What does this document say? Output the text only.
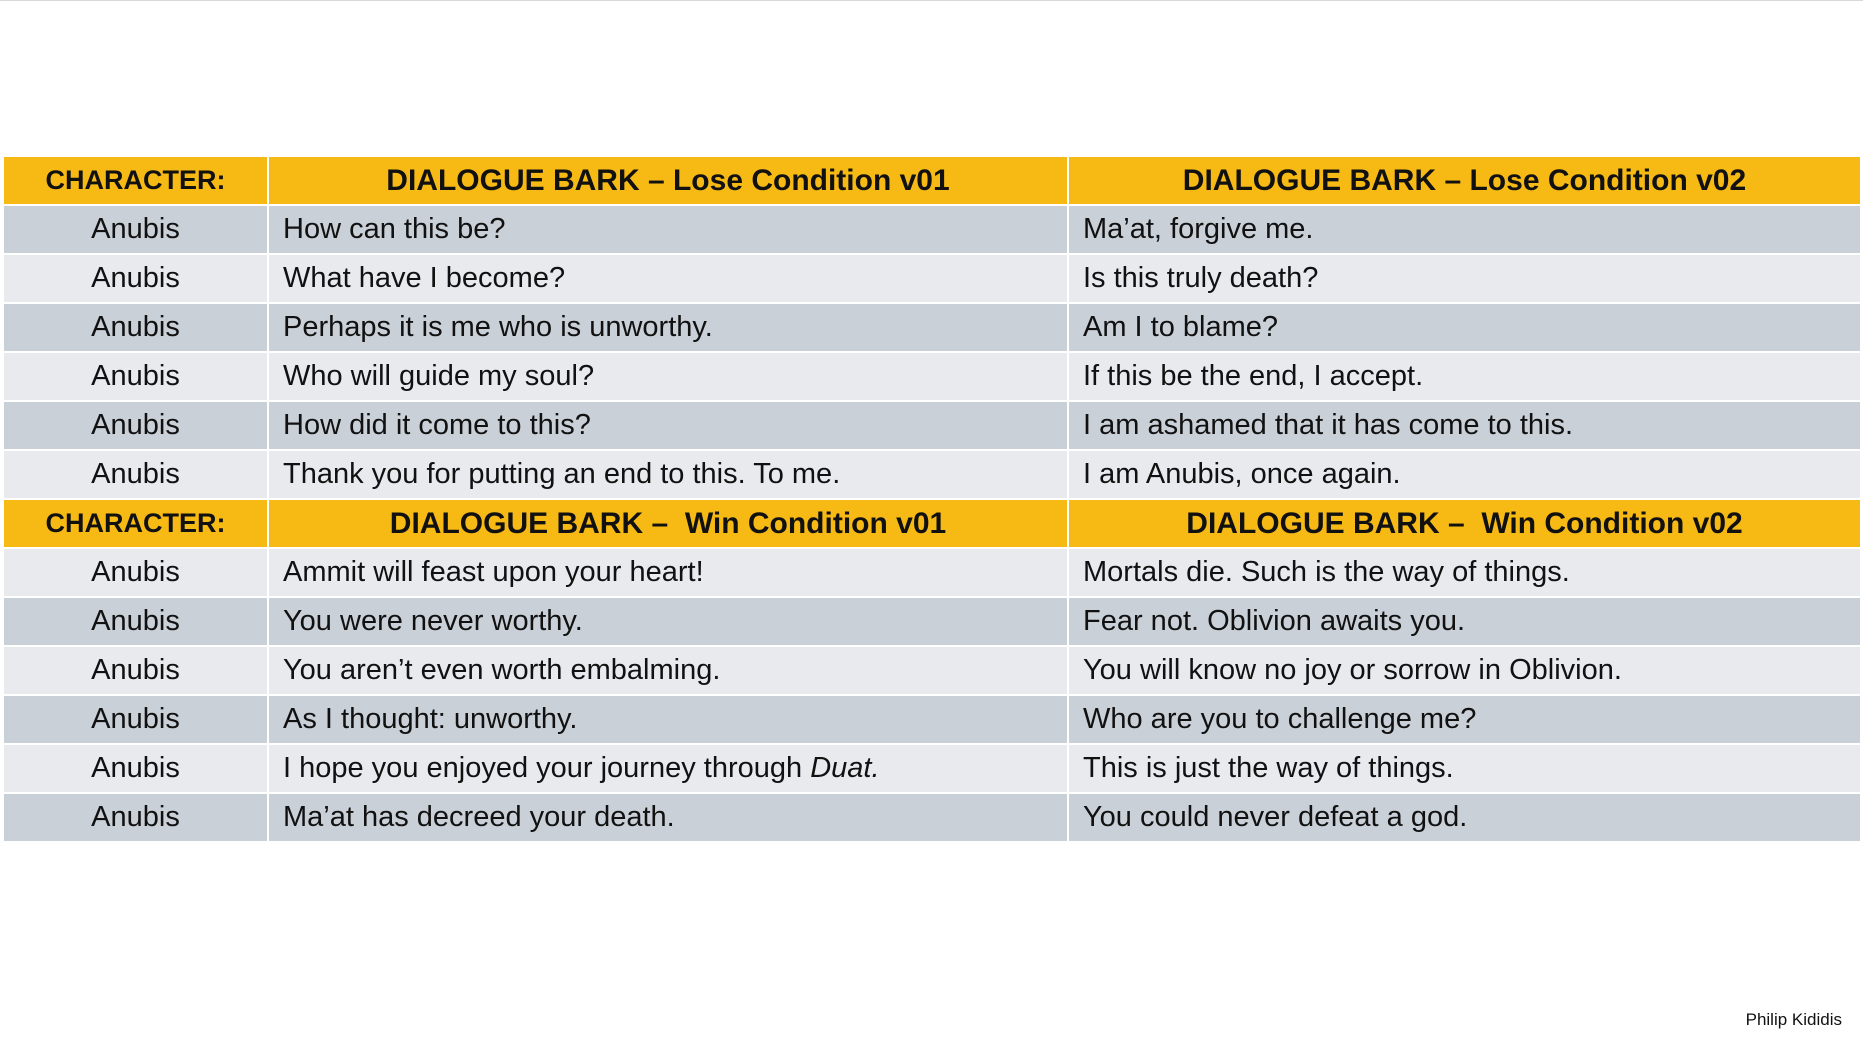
CHARACTER:	DIALOGUE BARK – Lose Condition v01	DIALOGUE BARK – Lose Condition v02
Anubis	How can this be?	Ma’at, forgive me.
Anubis	What have I become?	Is this truly death?
Anubis	Perhaps it is me who is unworthy.	Am I to blame?
Anubis	Who will guide my soul?	If this be the end, I accept.
Anubis	How did it come to this?	I am ashamed that it has come to this.
Anubis	Thank you for putting an end to this. To me.	I am Anubis, once again.
CHARACTER:	DIALOGUE BARK –  Win Condition v01	DIALOGUE BARK –  Win Condition v02
Anubis	Ammit will feast upon your heart!	Mortals die. Such is the way of things.
Anubis	You were never worthy.	Fear not. Oblivion awaits you.
Anubis	You aren’t even worth embalming.	You will know no joy or sorrow in Oblivion.
Anubis	As I thought: unworthy.	Who are you to challenge me?
Anubis	I hope you enjoyed your journey through Duat.	This is just the way of things.
Anubis	Ma’at has decreed your death.	You could never defeat a god.
Philip Kididis
